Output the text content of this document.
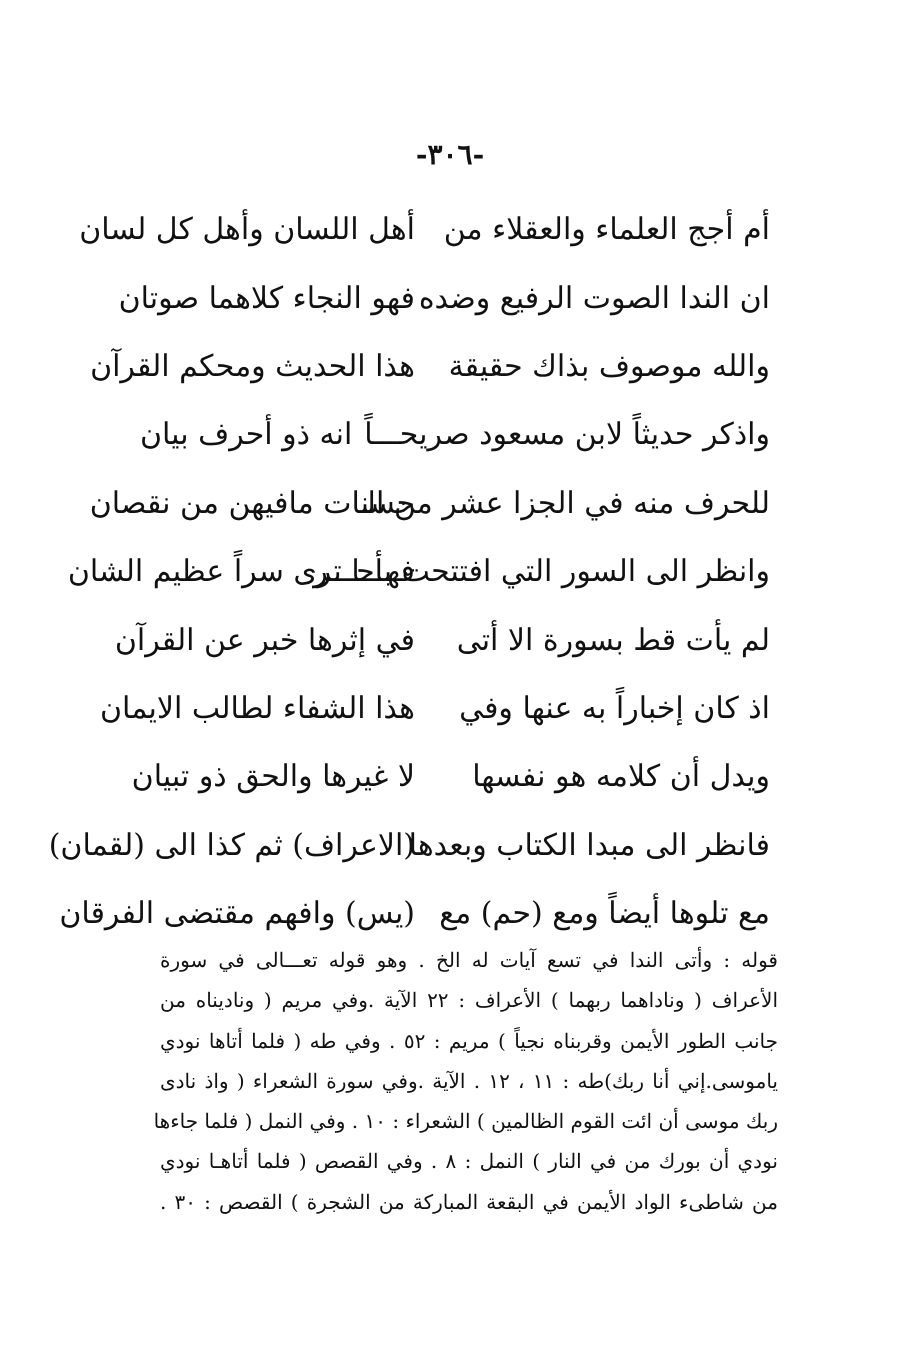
-٣٠٦-
أم أجج العلماء والعقلاء من
أهل اللسان وأهل كل لسان
ان الندا الصوت الرفيع وضده
فهو النجاء كلاهما صوتان
والله موصوف بذاك حقيقة
هذا الحديث ومحكم القرآن
واذكر حديثاً لابن مسعود صريحـــاً
انه ذو أحرف بيان
للحرف منه في الجزا عشر من الـ
حسنات مافيهن من نقصان
وانظر الى السور التي افتتحت بأحـــر
فهـــا ترى سراً عظيم الشان
لم يأت قط بسورة الا أتى
في إثرها خبر عن القرآن
اذ كان إخباراً به عنها وفي
هذا الشفاء لطالب الايمان
ويدل أن كلامه هو نفسها
لا غيرها والحق ذو تبيان
فانظر الى مبدا الكتاب وبعدها
(الاعراف) ثم كذا الى (لقمان)
مع تلوها أيضاً ومع (حم) مع
(يس) وافهم مقتضى الفرقان
قوله : وأتى الندا في تسع آيات له الخ . وهو قوله تعـــالى في سورة
الأعراف ( وناداهما ربهما ) الأعراف : ٢٢ الآية .وفي مريم ( وناديناه من
جانب الطور الأيمن وقربناه نجياً ) مريم : ٥٢ . وفي طه ( فلما أتاها نودي
ياموسى.إني أنا ربك)طه : ١١ ، ١٢ . الآية .وفي سورة الشعراء ( واذ نادى
ربك موسى أن ائت القوم الظالمين ) الشعراء : ١٠ . وفي النمل ( فلما جاءها
نودي أن بورك من في النار ) النمل : ٨ . وفي القصص ( فلما أتاهـا نودي
من شاطىء الواد الأيمن في البقعة المباركة من الشجرة ) القصص : ٣٠ .
